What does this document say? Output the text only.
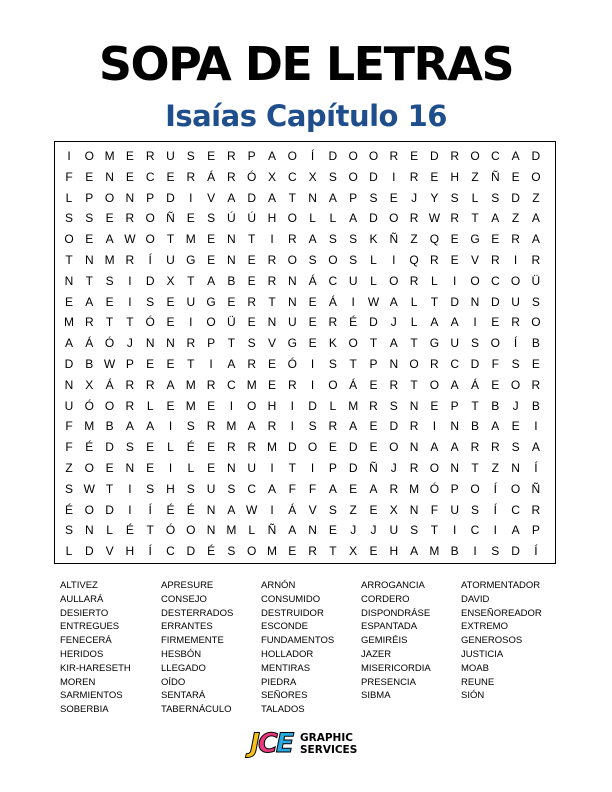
SOPA DE LETRAS
Isaías Capítulo 16
I	O M E R U S	E R P	A O	Í	D O O R E D R O C A D
F	E N E C E R Á R Ó X C X	S O D	I	R E H	Z	Ñ E O
L	P O N P D	I	V	A D A	T	N A	P	S	E	J	Y	S	L	S D	Z
S	S	E R O Ñ E	S Ú Ú H O	L	L	A D O R W R	T	A	Z	A
O E	A W O T M E N	T	I	R A	S	S	K Ñ	Z Q E G E R A
T	N M R	Í	U G E N E R O S O S	L	I	Q R E	V R	I	R
N	T	S	I	D X	T	A	B	E R N Á C U	L	O R	L	I	O C O Ü
E	A	E	I	S	E U G E R	T	N E	Á	I	W A	L	T	D N D U S
M R	T	T Ó E	I	O Ü E N U E R É D	J	L	A	A	I	E R O
A	Á Ó	J	N N R P	T	S	V G E	K O T	A	T G U S O	Í	B
D B W P	E	E	T	I	A R E Ó	I	S	T	P N O R C D	F	S	E
N X	Á R R A M R C M E R	I	O Á	E R	T O A	Á	E O R
U Ó O R	L	E M E	I	O H	I	D	L M R S N E	P	T	B	J	B
F M B	A	A	I	S R M A R	I	S R A	E D R	I	N B	A	E	I
F	É D S	E	L	É	E R R M D O E D E O N A	A R R S	A
Z O E N E	I	L	E N U	I	T	I	P D Ñ	J	R O N	T	Z	N	Í
S W T	I	S H S U S C A	F	F	A	E	A R M Ó P O	Í	O Ñ
É O D	I	Í	É	É N A W	I	Á	V	S	Z	E	X N	F	U S	Í	C R
S N	L	É	T Ó O N M L	Ñ A N E	J	J	U S	T	I	C	I	A	P
L	D V H	Í	C D É	S O M E R	T	X	E H A M B	I	S D	Í
ALTIVEZ
AULLARÁ
DESIERTO
ENTREGUES
FENECERÁ
HERIDOS
KIR-HARESETH
MOREN
SARMIENTOS
SOBERBIA
APRESURE
CONSEJO
DESTERRADOS
ERRANTES
FIRMEMENTE
HESBÓN
LLEGADO
OÍDO
SENTARÁ
TABERNÁCULO
ARNÓN
CONSUMIDO
DESTRUIDOR
ESCONDE
FUNDAMENTOS
HOLLADOR
MENTIRAS
PIEDRA
SEÑORES
TALADOS
ARROGANCIA
CORDERO
DISPONDRÁSE
ESPANTADA
GEMIRÉIS
JAZER
MISERICORDIA
PRESENCIA
SIBMA
ATORMENTADOR
DAVID
ENSEÑOREADOR
EXTREMO
GENEROSOS
JUSTICIA
MOAB
REUNE
SIÓN
JCE GRAPHIC
SERVICES
